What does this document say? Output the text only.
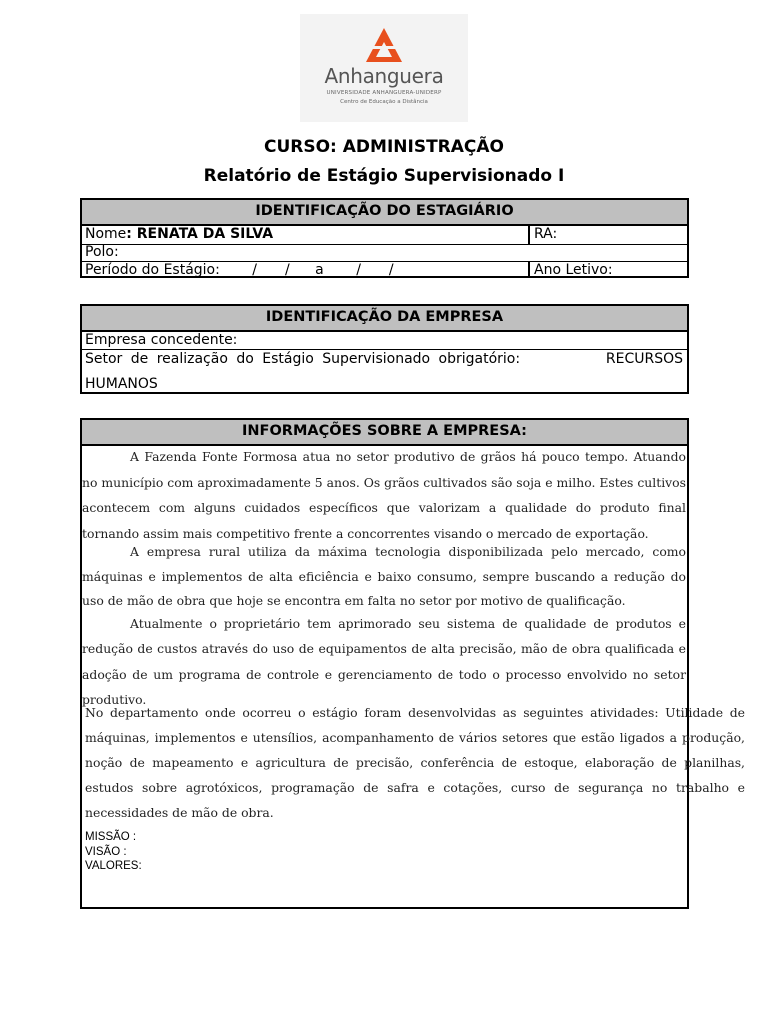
Anhanguera
UNIVERSIDADE ANHANGUERA-UNIDERP
Centro de Educação a Distância
CURSO: ADMINISTRAÇÃO
Relatório de Estágio Supervisionado I
IDENTIFICAÇÃO DO ESTAGIÁRIO
Nome: RENATA DA SILVA	RA:
Polo:
Período do Estágio: ____/____/___ a ____/____/___	Ano Letivo:
IDENTIFICAÇÃO DA EMPRESA
Empresa concedente:
Setor de realização do Estágio Supervisionado obrigatório:	RECURSOS
HUMANOS
INFORMAÇÕES SOBRE A EMPRESA:

A Fazenda Fonte Formosa atua no setor produtivo de grãos há pouco tempo. Atuando no município com aproximadamente 5 anos. Os grãos cultivados são soja e milho. Estes cultivos acontecem com alguns cuidados específicos que valorizam a qualidade do produto final tornando assim mais competitivo frente a concorrentes visando o mercado de exportação.

A empresa rural utiliza da máxima tecnologia disponibilizada pelo mercado, como máquinas e implementos de alta eficiência e baixo consumo, sempre buscando a redução do uso de mão de obra que hoje se encontra em falta no setor por motivo de qualificação.

Atualmente o proprietário tem aprimorado seu sistema de qualidade de produtos e redução de custos através do uso de equipamentos de alta precisão, mão de obra qualificada e adoção de um programa de controle e gerenciamento de todo o processo envolvido no setor produtivo.

No departamento onde ocorreu o estágio foram desenvolvidas as seguintes atividades: Utilidade de máquinas, implementos e utensílios, acompanhamento de vários setores que estão ligados a produção, noção de mapeamento e agricultura de precisão, conferência de estoque, elaboração de planilhas, estudos sobre agrotóxicos, programação de safra e cotações, curso de segurança no trabalho e necessidades de mão de obra.

MISSÃO :
VISÃO :
VALORES:
